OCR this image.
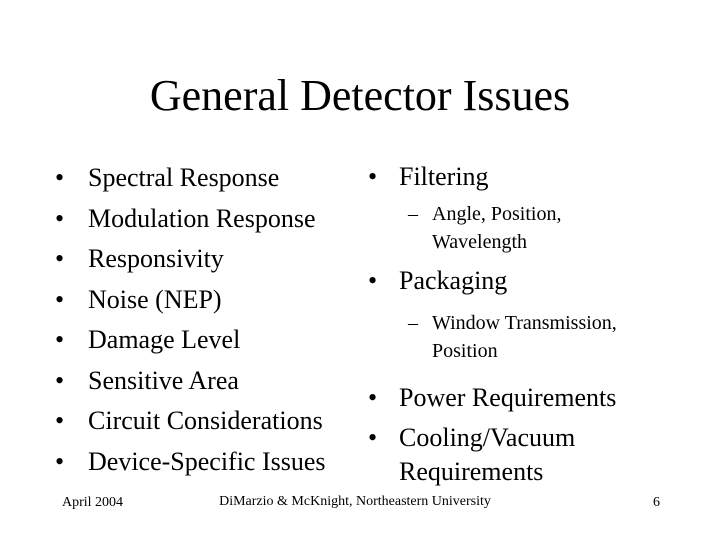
General Detector Issues
• Spectral Response
• Modulation Response
• Responsivity
• Noise (NEP)
• Damage Level
• Sensitive Area
• Circuit Considerations
• Device-Specific Issues
• Filtering
– Angle, Position,
Wavelength
• Packaging
– Window Transmission,
Position
• Power Requirements
• Cooling/Vacuum
Requirements
April 2004	DiMarzio & McKnight, Northeastern University	6
